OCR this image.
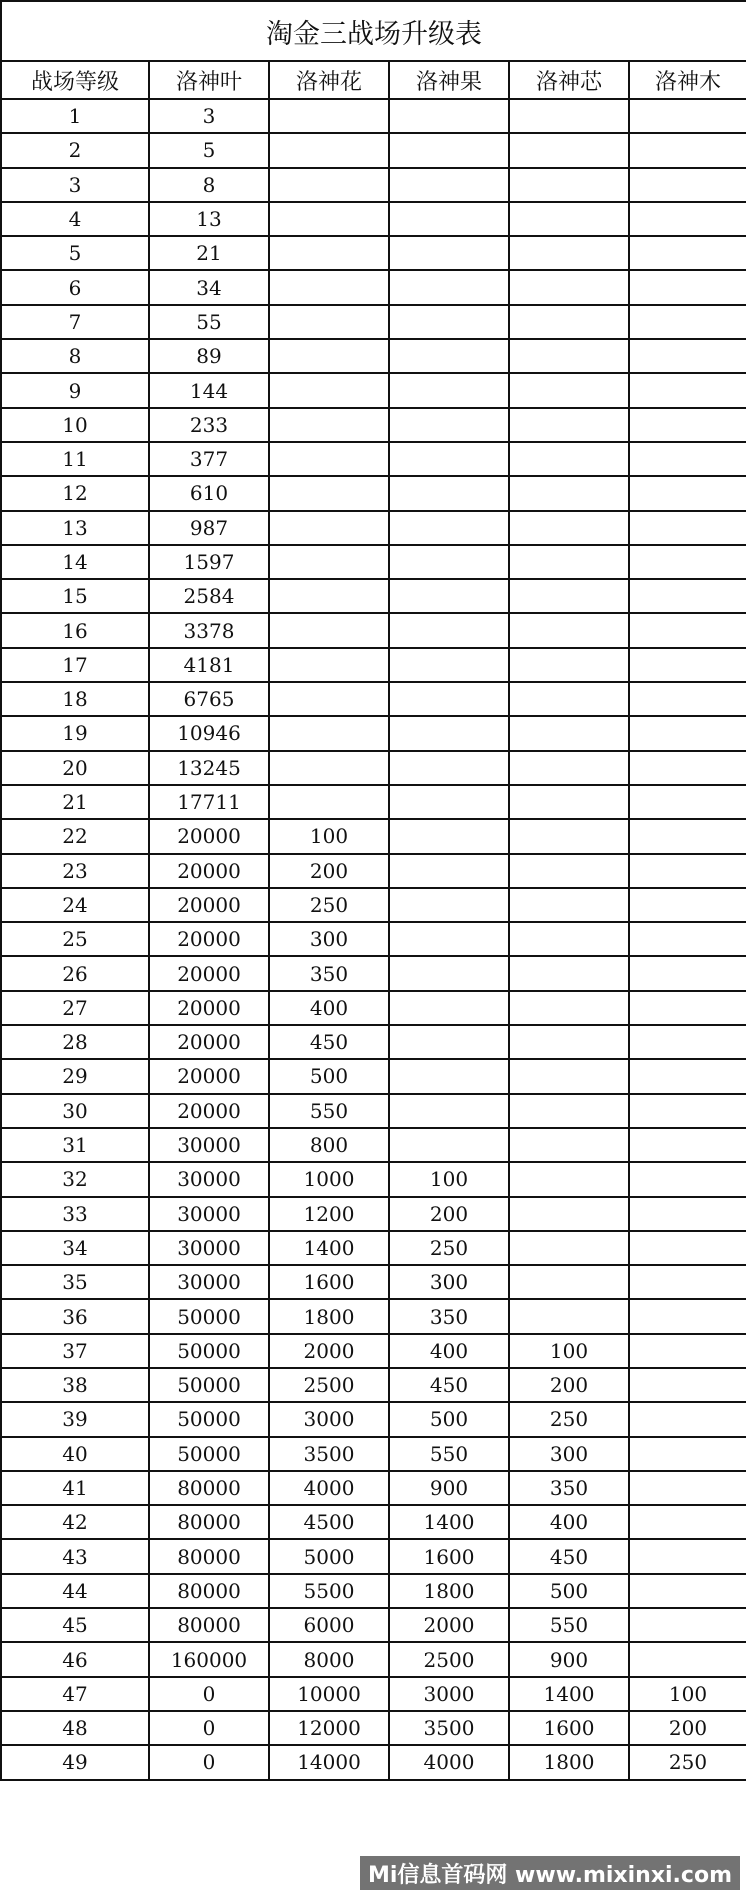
淘金三战场升级表					
战场等级	洛神叶	洛神花	洛神果	洛神芯	洛神木
1	3				
2	5				
3	8				
4	13				
5	21				
6	34				
7	55				
8	89				
9	144				
10	233				
11	377				
12	610				
13	987				
14	1597				
15	2584				
16	3378				
17	4181				
18	6765				
19	10946				
20	13245				
21	17711				
22	20000	100			
23	20000	200			
24	20000	250			
25	20000	300			
26	20000	350			
27	20000	400			
28	20000	450			
29	20000	500			
30	20000	550			
31	30000	800			
32	30000	1000	100		
33	30000	1200	200		
34	30000	1400	250		
35	30000	1600	300		
36	50000	1800	350		
37	50000	2000	400	100	
38	50000	2500	450	200	
39	50000	3000	500	250	
40	50000	3500	550	300	
41	80000	4000	900	350	
42	80000	4500	1400	400	
43	80000	5000	1600	450	
44	80000	5500	1800	500	
45	80000	6000	2000	550	
46	160000	8000	2500	900	
47	0	10000	3000	1400	100
48	0	12000	3500	1600	200
49	0	14000	4000	1800	250
Mi信息首码网 www.mixinxi.com
